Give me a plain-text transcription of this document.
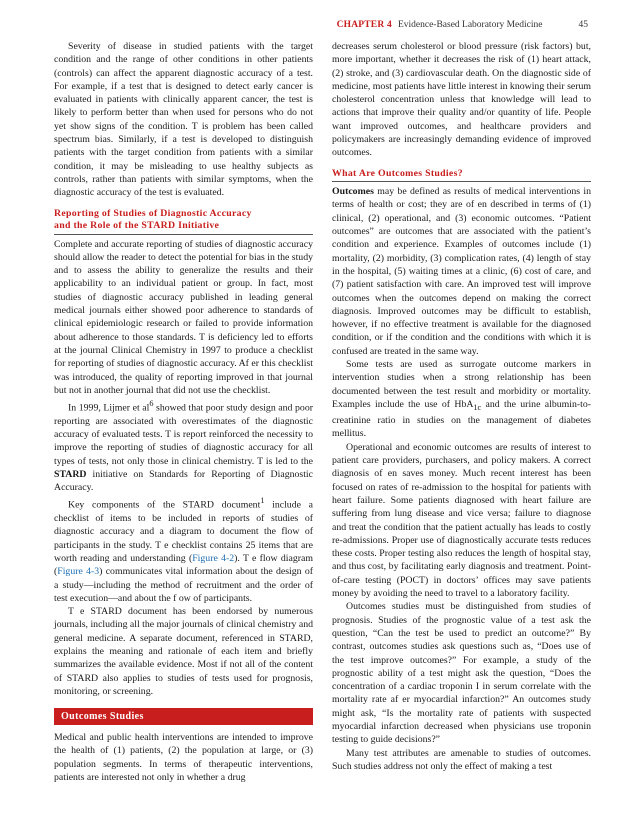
CHAPTER 4 Evidence-Based Laboratory Medicine	45

Severity of disease in studied patients with the target condition and the range of other conditions in other patients (controls) can affect the apparent diagnostic accuracy of a test. For example, if a test that is designed to detect early cancer is evaluated in patients with clinically apparent cancer, the test is likely to perform better than when used for persons who do not yet show signs of the condition. T is problem has been called spectrum bias. Similarly, if a test is developed to distinguish patients with the target condition from patients with a similar condition, it may be misleading to use healthy subjects as controls, rather than patients with similar symptoms, when the diagnostic accuracy of the test is evaluated.

Reporting of Studies of Diagnostic Accuracy
and the Role of the STARD Initiative

Complete and accurate reporting of studies of diagnostic accuracy should allow the reader to detect the potential for bias in the study and to assess the ability to generalize the results and their applicability to an individual patient or group. In fact, most studies of diagnostic accuracy published in leading general medical journals either showed poor adherence to standards of clinical epidemiologic research or failed to provide information about adherence to those standards. T is deficiency led to efforts at the journal Clinical Chemistry in 1997 to produce a checklist for reporting of studies of diagnostic accuracy. Af er this checklist was introduced, the quality of reporting improved in that journal but not in another journal that did not use the checklist.

In 1999, Lijmer et $al^6$ showed that poor study design and poor reporting are associated with overestimates of the diagnostic accuracy of evaluated tests. T is report reinforced the necessity to improve the reporting of studies of diagnostic accuracy for all types of tests, not only those in clinical chemistry. T is led to the STARD initiative on Standards for Reporting of Diagnostic Accuracy.

Key components of the STARD document$^1$ include a checklist of items to be included in reports of studies of diagnostic accuracy and a diagram to document the flow of participants in the study. T e checklist contains 25 items that are worth reading and understanding (Figure 4-2). T e flow diagram (Figure 4-3) communicates vital information about the design of a study—including the method of recruitment and the order of test execution—and about the f ow of participants.

T e STARD document has been endorsed by numerous journals, including all the major journals of clinical chemistry and general medicine. A separate document, referenced in STARD, explains the meaning and rationale of each item and briefly summarizes the available evidence. Most if not all of the content of STARD also applies to studies of tests used for prognosis, monitoring, or screening.

Outcomes Studies

Medical and public health interventions are intended to improve the health of (1) patients, (2) the population at large, or (3) population segments. In terms of therapeutic interventions, patients are interested not only in whether a drug

decreases serum cholesterol or blood pressure (risk factors) but, more important, whether it decreases the risk of (1) heart attack, (2) stroke, and (3) cardiovascular death. On the diagnostic side of medicine, most patients have little interest in knowing their serum cholesterol concentration unless that knowledge will lead to actions that improve their quality and/or quantity of life. People want improved outcomes, and healthcare providers and policymakers are increasingly demanding evidence of improved outcomes.

What Are Outcomes Studies?

Outcomes may be defined as results of medical interventions in terms of health or cost; they are of en described in terms of (1) clinical, (2) operational, and (3) economic outcomes. “Patient outcomes” are outcomes that are associated with the patient’s condition and experience. Examples of outcomes include (1) mortality, (2) morbidity, (3) complication rates, (4) length of stay in the hospital, (5) waiting times at a clinic, (6) cost of care, and (7) patient satisfaction with care. An improved test will improve outcomes when the outcomes depend on making the correct diagnosis. Improved outcomes may be difficult to establish, however, if no effective treatment is available for the diagnosed condition, or if the condition and the conditions with which it is confused are treated in the same way.

Some tests are used as surrogate outcome markers in intervention studies when a strong relationship has been documented between the test result and morbidity or mortality. Examples include the use of HbA$_{1c}$ and the urine albumin-to-creatinine ratio in studies on the management of diabetes mellitus.

Operational and economic outcomes are results of interest to patient care providers, purchasers, and policy makers. A correct diagnosis of en saves money. Much recent interest has been focused on rates of re-admission to the hospital for patients with heart failure. Some patients diagnosed with heart failure are suffering from lung disease and vice versa; failure to diagnose and treat the condition that the patient actually has leads to costly re-admissions. Proper use of diagnostically accurate tests reduces these costs. Proper testing also reduces the length of hospital stay, and thus cost, by facilitating early diagnosis and treatment. Point-of-care testing (POCT) in doctors’ offices may save patients money by avoiding the need to travel to a laboratory facility.

Outcomes studies must be distinguished from studies of prognosis. Studies of the prognostic value of a test ask the question, “Can the test be used to predict an outcome?” By contrast, outcomes studies ask questions such as, “Does use of the test improve outcomes?” For example, a study of the prognostic ability of a test might ask the question, “Does the concentration of a cardiac troponin I in serum correlate with the mortality rate af er myocardial infarction?” An outcomes study might ask, “Is the mortality rate of patients with suspected myocardial infarction decreased when physicians use troponin testing to guide decisions?”

Many test attributes are amenable to studies of outcomes. Such studies address not only the effect of making a test
